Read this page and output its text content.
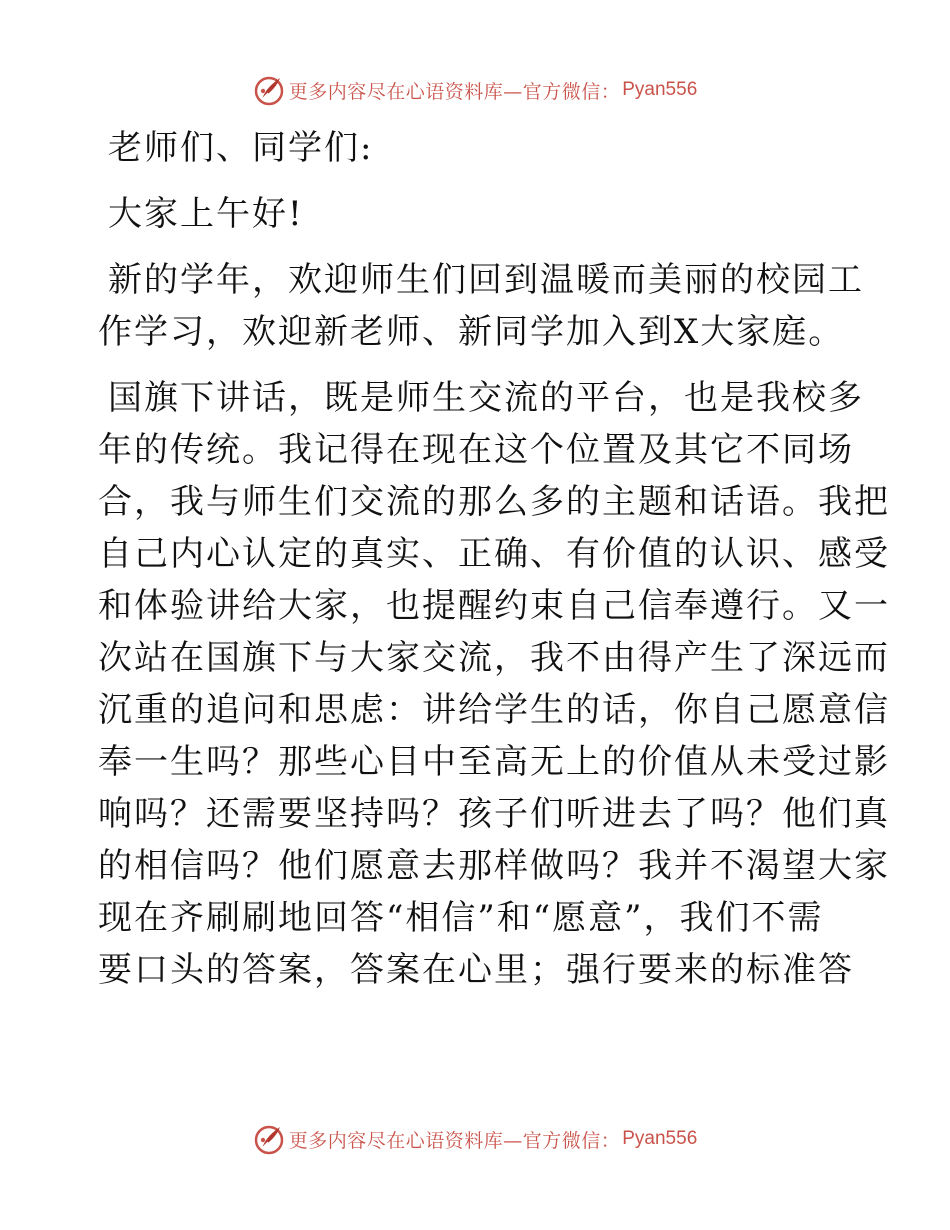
更多内容尽在心语资料库—官方微信： Pyan556
老师们、同学们:
大家上午好!
新的学年，欢迎师生们回到温暖而美丽的校园工
作学习，欢迎新老师、新同学加入到X大家庭。
国旗下讲话，既是师生交流的平台，也是我校多
年的传统。我记得在现在这个位置及其它不同场
合，我与师生们交流的那么多的主题和话语。我把
自己内心认定的真实、正确、有价值的认识、感受
和体验讲给大家，也提醒约束自己信奉遵行。又一
次站在国旗下与大家交流，我不由得产生了深远而
沉重的追问和思虑：讲给学生的话，你自己愿意信
奉一生吗？那些心目中至高无上的价值从未受过影
响吗？还需要坚持吗？孩子们听进去了吗？他们真
的相信吗？他们愿意去那样做吗？我并不渴望大家
现在齐刷刷地回答“相信”和“愿意”，我们不需
要口头的答案，答案在心里；强行要来的标准答
更多内容尽在心语资料库—官方微信： Pyan556
